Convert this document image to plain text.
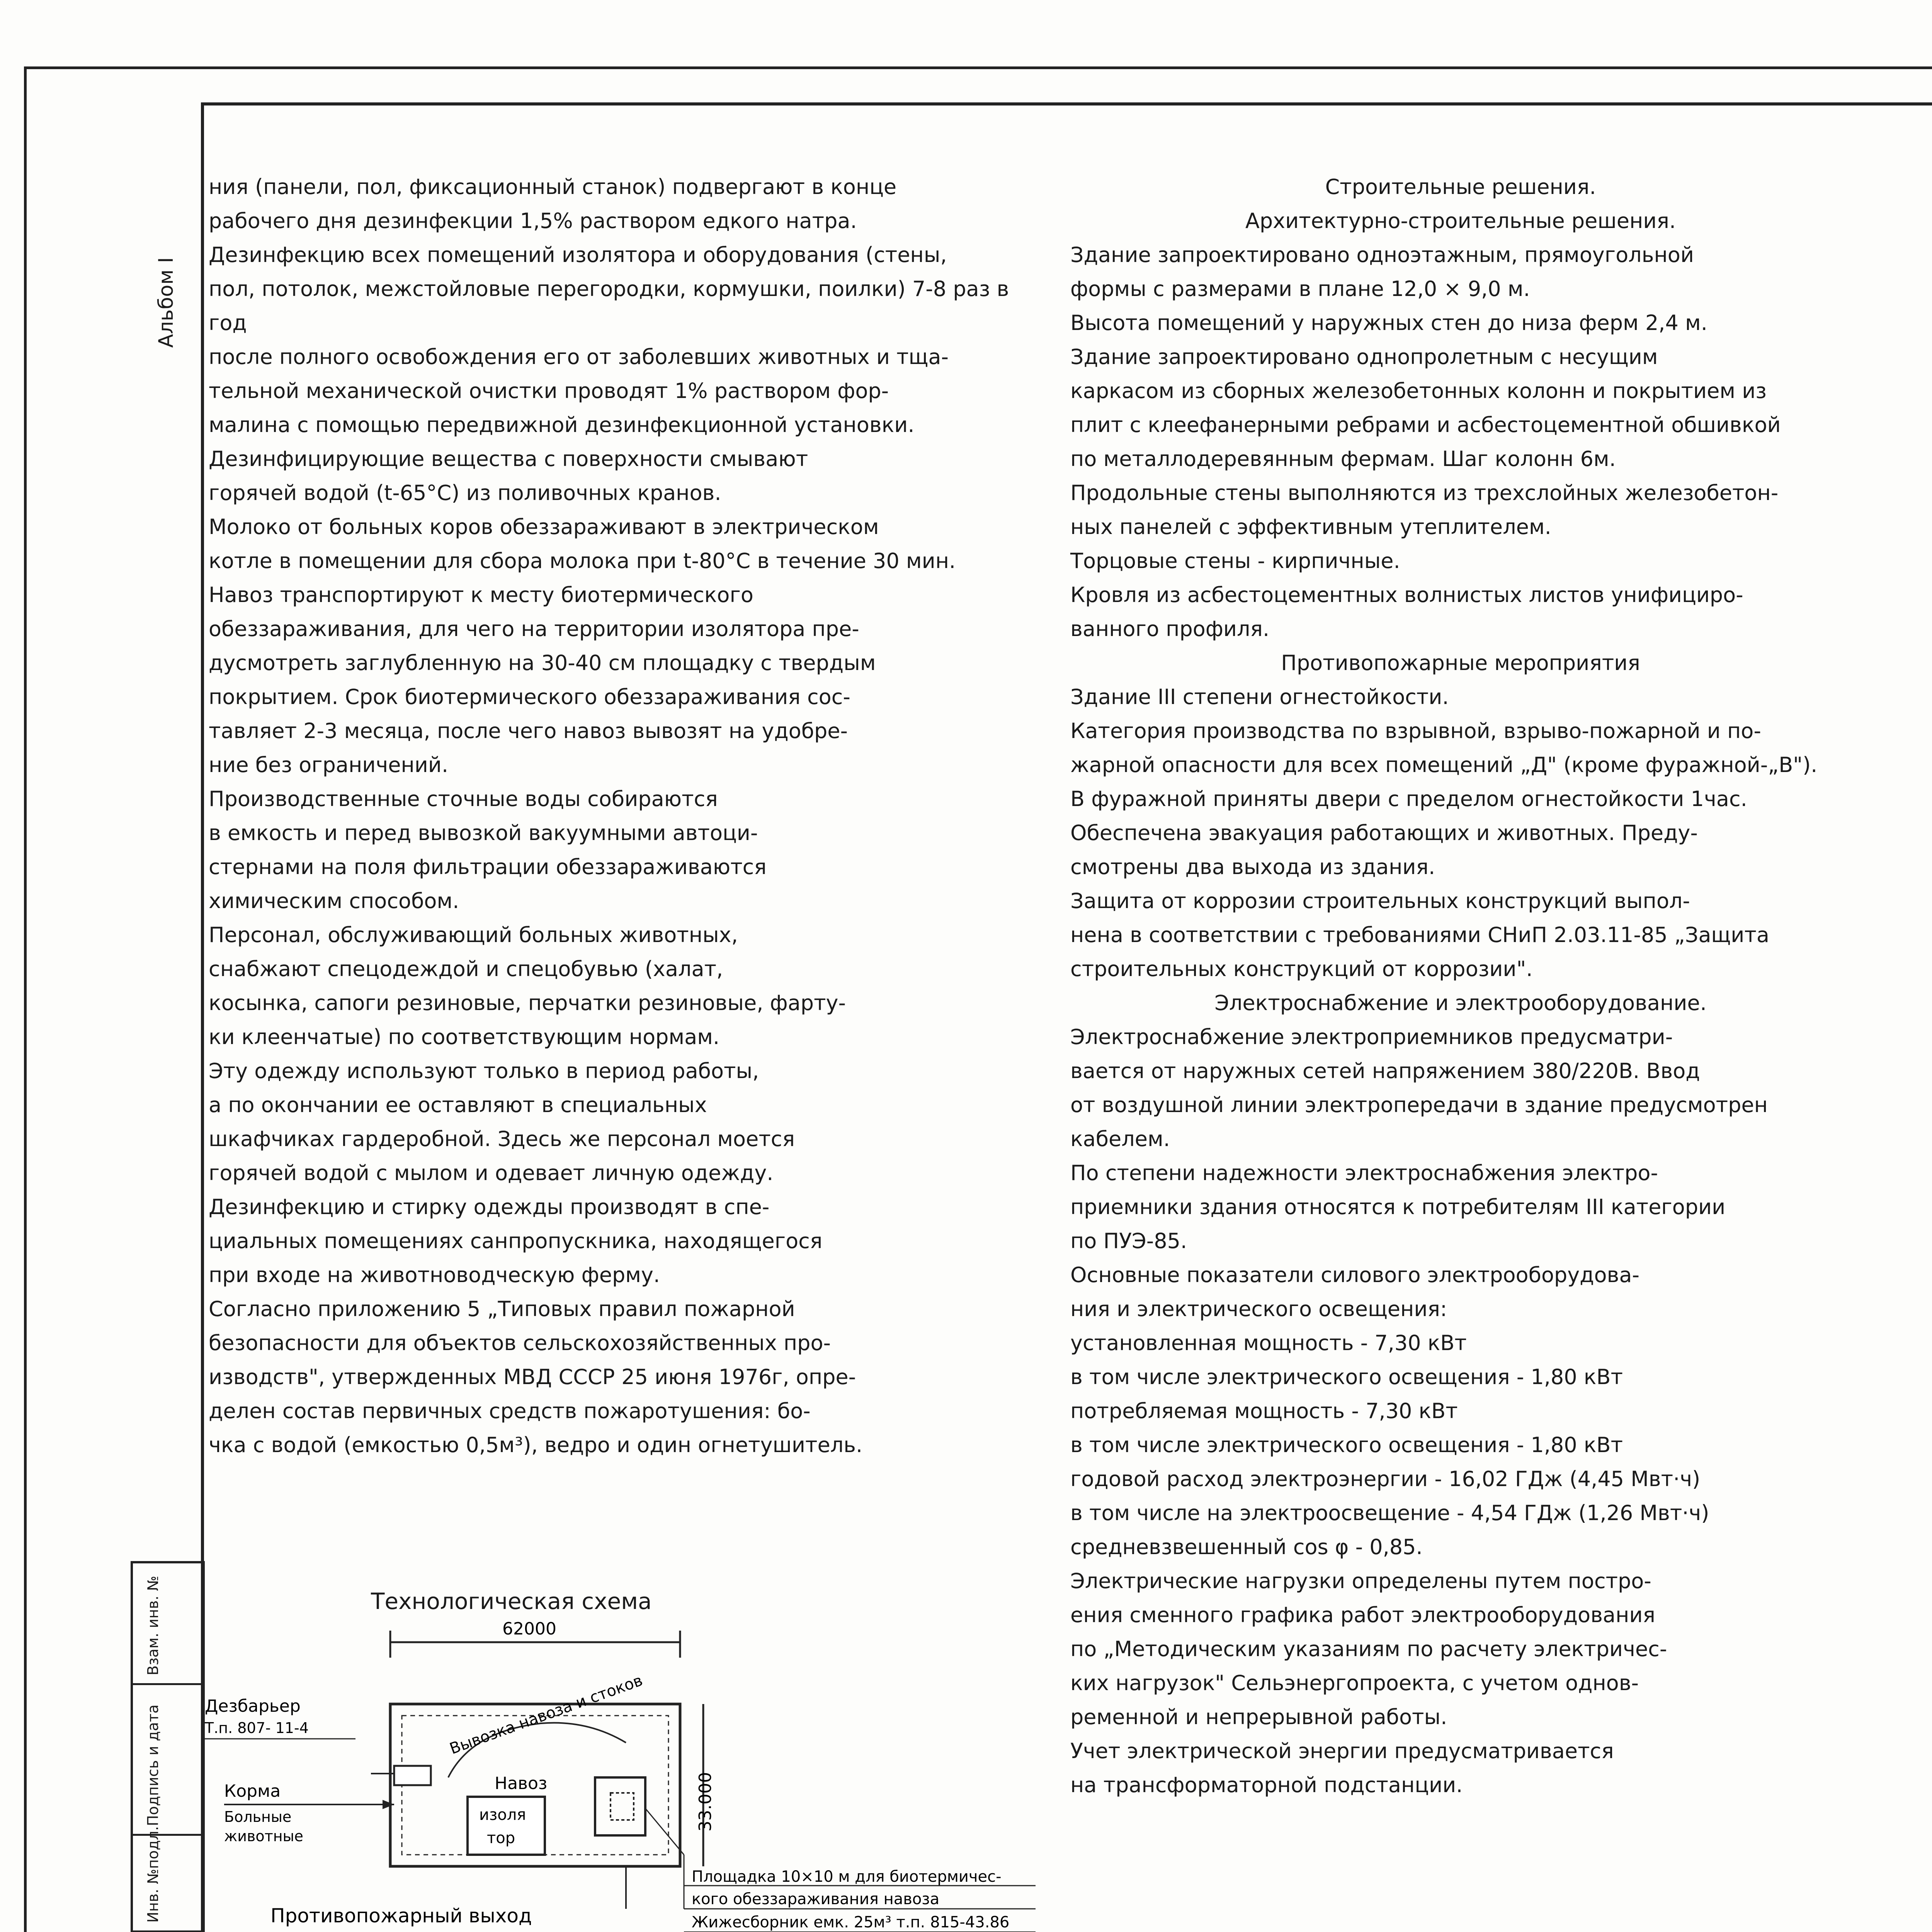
Альбом I
Инв. №подл.
Подпись и дата
Взам. инв. №

ния (панели, пол, фиксационный станок) подвергают в конце

рабочего дня дезинфекции 1,5% раствором едкого натра.

Дезинфекцию всех помещений изолятора и оборудования (стены,

пол, потолок, межстойловые перегородки, кормушки, поилки) 7-8 раз в год

после полного освобождения его от заболевших животных и тща-

тельной механической очистки проводят 1% раствором фор-

малина с помощью передвижной дезинфекционной установки.

Дезинфицирующие вещества с поверхности смывают

горячей водой (t-65°C) из поливочных кранов.

Молоко от больных коров обеззараживают в электрическом

котле в помещении для сбора молока при t-80°C в течение 30 мин.

Навоз транспортируют к месту биотермического

обеззараживания, для чего на территории изолятора пре-

дусмотреть заглубленную на 30-40 см площадку с твердым

покрытием. Срок биотермического обеззараживания сос-

тавляет 2-3 месяца, после чего навоз вывозят на удобре-

ние без ограничений.

Производственные сточные воды собираются

в емкость и перед вывозкой вакуумными автоци-

стернами на поля фильтрации обеззараживаются

химическим способом.

Персонал, обслуживающий больных животных,

снабжают спецодеждой и спецобувью (халат,

косынка, сапоги резиновые, перчатки резиновые, фарту-

ки клеенчатые) по соответствующим нормам.

Эту одежду используют только в период работы,

а по окончании ее оставляют в специальных

шкафчиках гардеробной. Здесь же персонал моется

горячей водой с мылом и одевает личную одежду.

Дезинфекцию и стирку одежды производят в спе-

циальных помещениях санпропускника, находящегося

при входе на животноводческую ферму.

Согласно приложению 5 „Типовых правил пожарной

безопасности для объектов сельскохозяйственных про-

изводств", утвержденных МВД СССР 25 июня 1976г, опре-

делен состав первичных средств пожаротушения: бо-

чка с водой (емкостью 0,5м³), ведро и один огнетушитель.

Технологическая схема
62000
33.000
Дезбарьер
Т.п. 807- 11-4
Корма
Больные
животные
Вывозка навоза и стоков
изоля
тор
Навоз
Площадка 10×10 м для биотермичес-
кого обеззараживания навоза
Жижесборник емк. 25м³ т.п. 815-43.86
Противопожарный выход

Строительные решения.

Архитектурно-строительные решения.

Здание запроектировано одноэтажным, прямоугольной

формы с размерами в плане 12,0 × 9,0 м.

Высота помещений у наружных стен до низа ферм 2,4 м.

Здание запроектировано однопролетным с несущим

каркасом из сборных железобетонных колонн и покрытием из

плит с клеефанерными ребрами и асбестоцементной обшивкой

по металлодеревянным фермам. Шаг колонн 6м.

Продольные стены выполняются из трехслойных железобетон-

ных панелей с эффективным утеплителем.

Торцовые стены - кирпичные.

Кровля из асбестоцементных волнистых листов унифициро-

ванного профиля.

Противопожарные мероприятия

Здание III степени огнестойкости.

Категория производства по взрывной, взрыво-пожарной и по-

жарной опасности для всех помещений „Д" (кроме фуражной-„В").

В фуражной приняты двери с пределом огнестойкости 1час.

Обеспечена эвакуация работающих и животных. Преду-

смотрены два выхода из здания.

Защита от коррозии строительных конструкций выпол-

нена в соответствии с требованиями СНиП 2.03.11-85 „Защита

строительных конструкций от коррозии".

Электроснабжение и электрооборудование.

Электроснабжение электроприемников предусматри-

вается от наружных сетей напряжением 380/220В. Ввод

от воздушной линии электропередачи в здание предусмотрен кабелем.

По степени надежности электроснабжения электро-

приемники здания относятся к потребителям III категории

по ПУЭ-85.

Основные показатели силового электрооборудова-

ния и электрического освещения:

установленная мощность - 7,30 кВт

в том числе электрического освещения - 1,80 кВт

потребляемая мощность - 7,30 кВт

в том числе электрического освещения - 1,80 кВт

годовой расход электроэнергии - 16,02 ГДж (4,45 Мвт·ч)

в том числе на электроосвещение - 4,54 ГДж (1,26 Мвт·ч)

средневзвешенный cos φ - 0,85.

Электрические нагрузки определены путем постро-

ения сменного графика работ электрооборудования

по „Методическим указаниям по расчету электричес-

ких нагрузок" Сельэнергопроекта, с учетом однов-

ременной и непрерывной работы.

Учет электрической энергии предусматривается

на трансформаторной подстанции.
